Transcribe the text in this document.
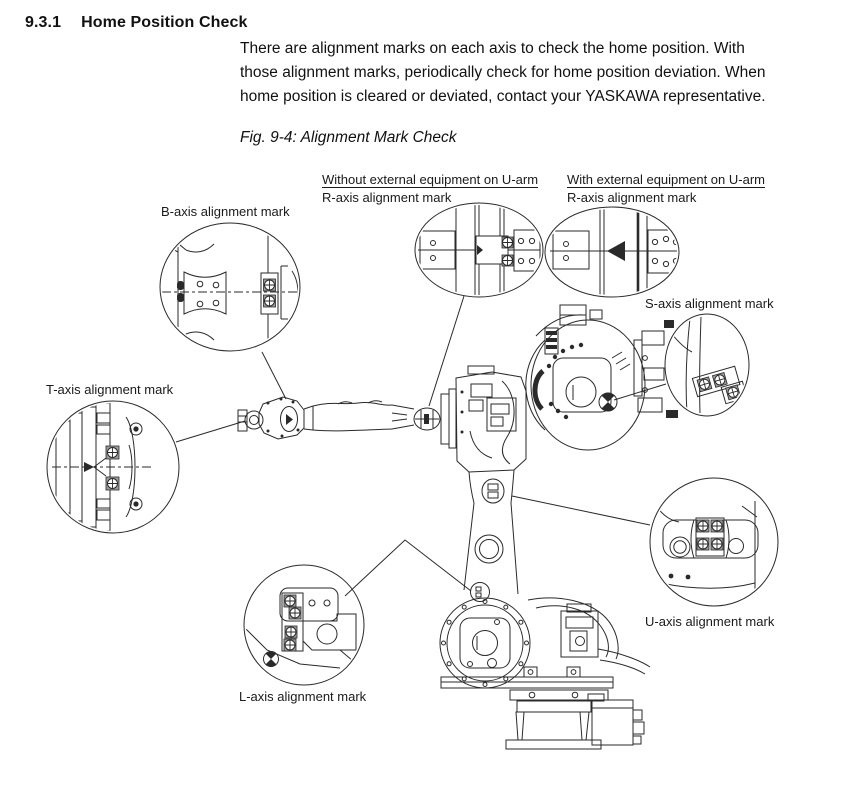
9.3.1 Home Position Check

There are alignment marks on each axis to check the home position. With those alignment marks, periodically check for home position deviation. When home position is cleared or deviated, contact your YASKAWA representative.

Fig. 9-4: Alignment Mark Check

Without external equipment on U-arm
R-axis alignment mark
With external equipment on U-arm
R-axis alignment mark
B-axis alignment mark
S-axis alignment mark
T-axis alignment mark
U-axis alignment mark
L-axis alignment mark
